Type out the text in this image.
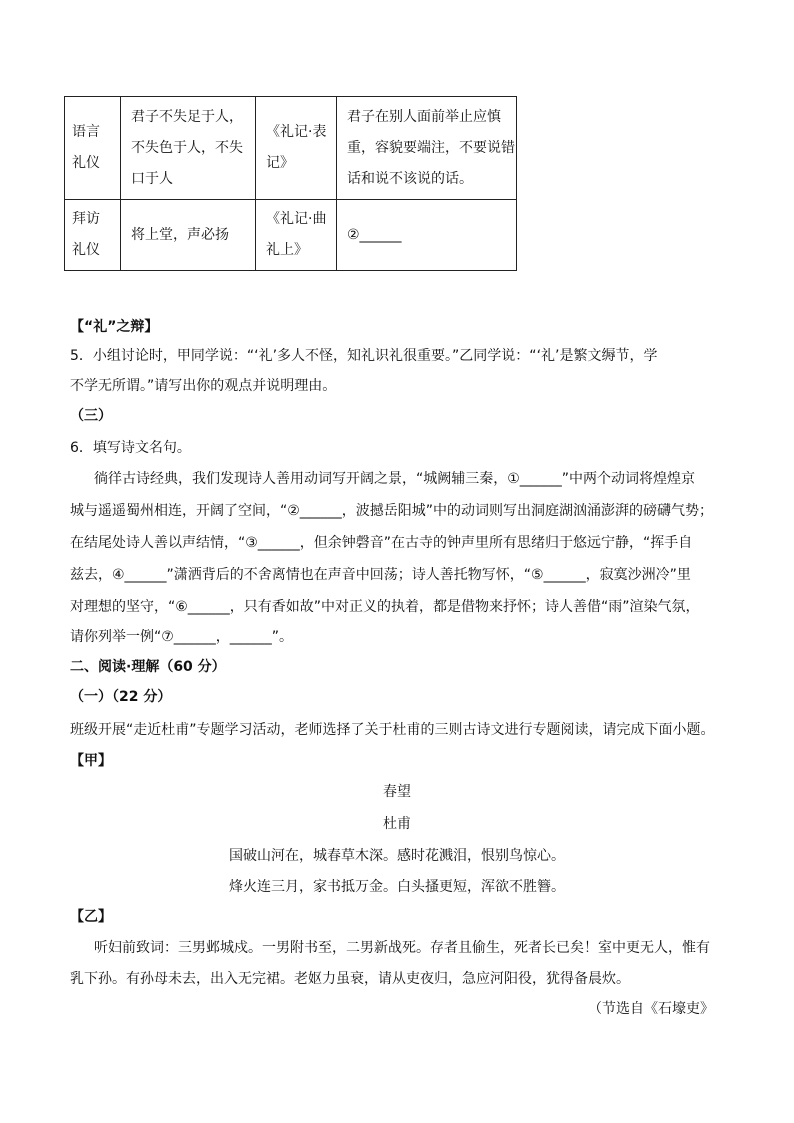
语言
礼仪	君子不失足于人，
不失色于人，不失
口于人	《礼记·表
记》	君子在别人面前举止应慎
重，容貌要端注，不要说错
话和说不该说的话。

拜访
礼仪	将上堂，声必扬	《礼记·曲
礼上》	②______
【“礼”之辩】
5．小组讨论时，甲同学说：“‘礼’多人不怪，知礼识礼很重要。”乙同学说：“‘礼’是繁文缛节，学
不学无所谓。”请写出你的观点并说明理由。
（三）
6．填写诗文名句。
徜徉古诗经典，我们发现诗人善用动词写开阔之景，“城阙辅三秦，①______”中两个动词将煌煌京
城与遥遥蜀州相连，开阔了空间，“②______，波撼岳阳城”中的动词则写出洞庭湖汹涌澎湃的磅礴气势；
在结尾处诗人善以声结情，“③______，但余钟磬音”在古寺的钟声里所有思绪归于悠远宁静，“挥手自
兹去，④______”潇洒背后的不舍离情也在声音中回荡；诗人善托物写怀，“⑤______，寂寞沙洲冷”里
对理想的坚守，“⑥______，只有香如故”中对正义的执着，都是借物来抒怀；诗人善借“雨”渲染气氛，
请你列举一例“⑦______，______”。
二、阅读·理解（60 分）
（一）（22 分）
班级开展“走近杜甫”专题学习活动，老师选择了关于杜甫的三则古诗文进行专题阅读，请完成下面小题。
【甲】
春望
杜甫
国破山河在，城春草木深。感时花溅泪，恨别鸟惊心。
烽火连三月，家书抵万金。白头搔更短，浑欲不胜簪。
【乙】
听妇前致词：三男邺城戍。一男附书至，二男新战死。存者且偷生，死者长已矣！室中更无人，惟有
乳下孙。有孙母未去，出入无完裙。老妪力虽衰，请从吏夜归，急应河阳役，犹得备晨炊。
（节选自《石壕吏》
